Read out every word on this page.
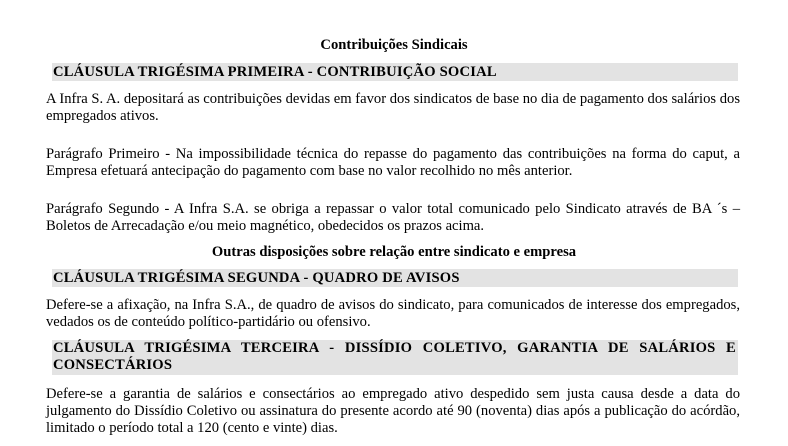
Contribuições Sindicais
CLÁUSULA TRIGÉSIMA PRIMEIRA - CONTRIBUIÇÃO SOCIAL
A Infra S. A. depositará as contribuições devidas em favor dos sindicatos de base no dia de pagamento dos salários dos empregados ativos.
Parágrafo Primeiro - Na impossibilidade técnica do repasse do pagamento das contribuições na forma do caput, a Empresa efetuará antecipação do pagamento com base no valor recolhido no mês anterior.
Parágrafo Segundo - A Infra S.A. se obriga a repassar o valor total comunicado pelo Sindicato através de BA ´s –Boletos de Arrecadação e/ou meio magnético, obedecidos os prazos acima.
Outras disposições sobre relação entre sindicato e empresa
CLÁUSULA TRIGÉSIMA SEGUNDA - QUADRO DE AVISOS
Defere-se a afixação, na Infra S.A., de quadro de avisos do sindicato, para comunicados de interesse dos empregados, vedados os de conteúdo político-partidário ou ofensivo.
CLÁUSULA TRIGÉSIMA TERCEIRA - DISSÍDIO COLETIVO, GARANTIA DE SALÁRIOS E CONSECTÁRIOS
Defere-se a garantia de salários e consectários ao empregado ativo despedido sem justa causa desde a data do julgamento do Dissídio Coletivo ou assinatura do presente acordo até 90 (noventa) dias após a publicação do acórdão, limitado o período total a 120 (cento e vinte) dias.
